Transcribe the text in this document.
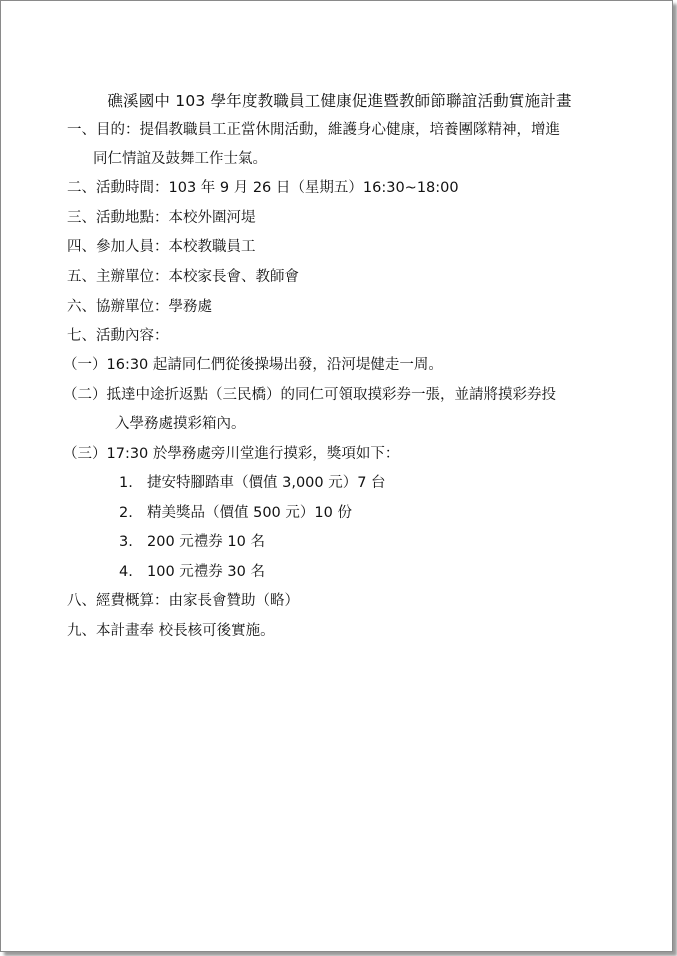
礁溪國中 103 學年度教職員工健康促進暨教師節聯誼活動實施計畫
一、目的：提倡教職員工正當休閒活動，維護身心健康，培養團隊精神，增進
同仁情誼及鼓舞工作士氣。
二、活動時間：103 年 9 月 26 日（星期五）16:30~18:00
三、活動地點：本校外圍河堤
四、參加人員：本校教職員工
五、主辦單位：本校家長會、教師會
六、協辦單位：學務處
七、活動內容：
（一）16:30 起請同仁們從後操場出發，沿河堤健走一周。
（二）抵達中途折返點（三民橋）的同仁可領取摸彩券一張，並請將摸彩券投
入學務處摸彩箱內。
（三）17:30 於學務處旁川堂進行摸彩，獎項如下：
1. 捷安特腳踏車（價值 3,000 元）7 台
2. 精美獎品（價值 500 元）10 份
3. 200 元禮券 10 名
4. 100 元禮券 30 名
八、經費概算：由家長會贊助（略）
九、本計畫奉 校長核可後實施。
